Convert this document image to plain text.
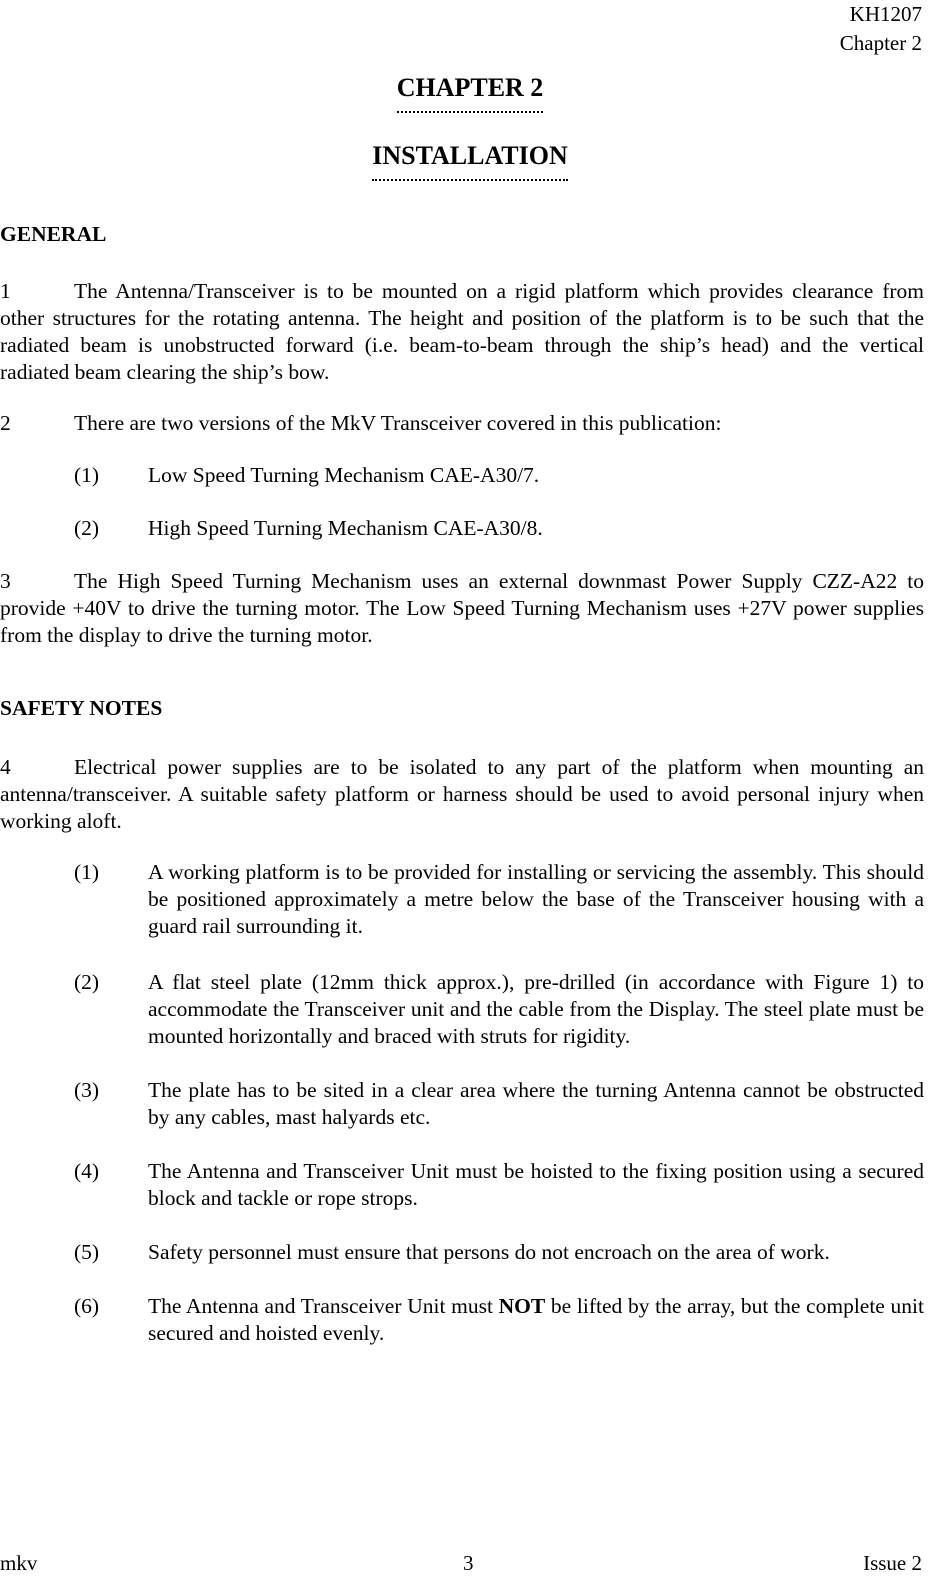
KH1207
Chapter 2
CHAPTER 2
INSTALLATION
GENERAL
1	The Antenna/Transceiver is to be mounted on a rigid platform which provides clearance from other structures for the rotating antenna. The height and position of the platform is to be such that the radiated beam is unobstructed forward (i.e. beam-to-beam through the ship’s head) and the vertical radiated beam clearing the ship’s bow.
2	There are two versions of the MkV Transceiver covered in this publication:
(1) Low Speed Turning Mechanism CAE-A30/7.
(2) High Speed Turning Mechanism CAE-A30/8.
3	The High Speed Turning Mechanism uses an external downmast Power Supply CZZ-A22 to provide +40V to drive the turning motor. The Low Speed Turning Mechanism uses +27V power supplies from the display to drive the turning motor.
SAFETY NOTES
4	Electrical power supplies are to be isolated to any part of the platform when mounting an antenna/transceiver. A suitable safety platform or harness should be used to avoid personal injury when working aloft.
(1) A working platform is to be provided for installing or servicing the assembly. This should be positioned approximately a metre below the base of the Transceiver housing with a guard rail surrounding it.
(2) A flat steel plate (12mm thick approx.), pre-drilled (in accordance with Figure 1) to accommodate the Transceiver unit and the cable from the Display. The steel plate must be mounted horizontally and braced with struts for rigidity.
(3) The plate has to be sited in a clear area where the turning Antenna cannot be obstructed by any cables, mast halyards etc.
(4) The Antenna and Transceiver Unit must be hoisted to the fixing position using a secured block and tackle or rope strops.
(5) Safety personnel must ensure that persons do not encroach on the area of work.
(6) The Antenna and Transceiver Unit must NOT be lifted by the array, but the complete unit secured and hoisted evenly.
mkv	3	Issue 2
